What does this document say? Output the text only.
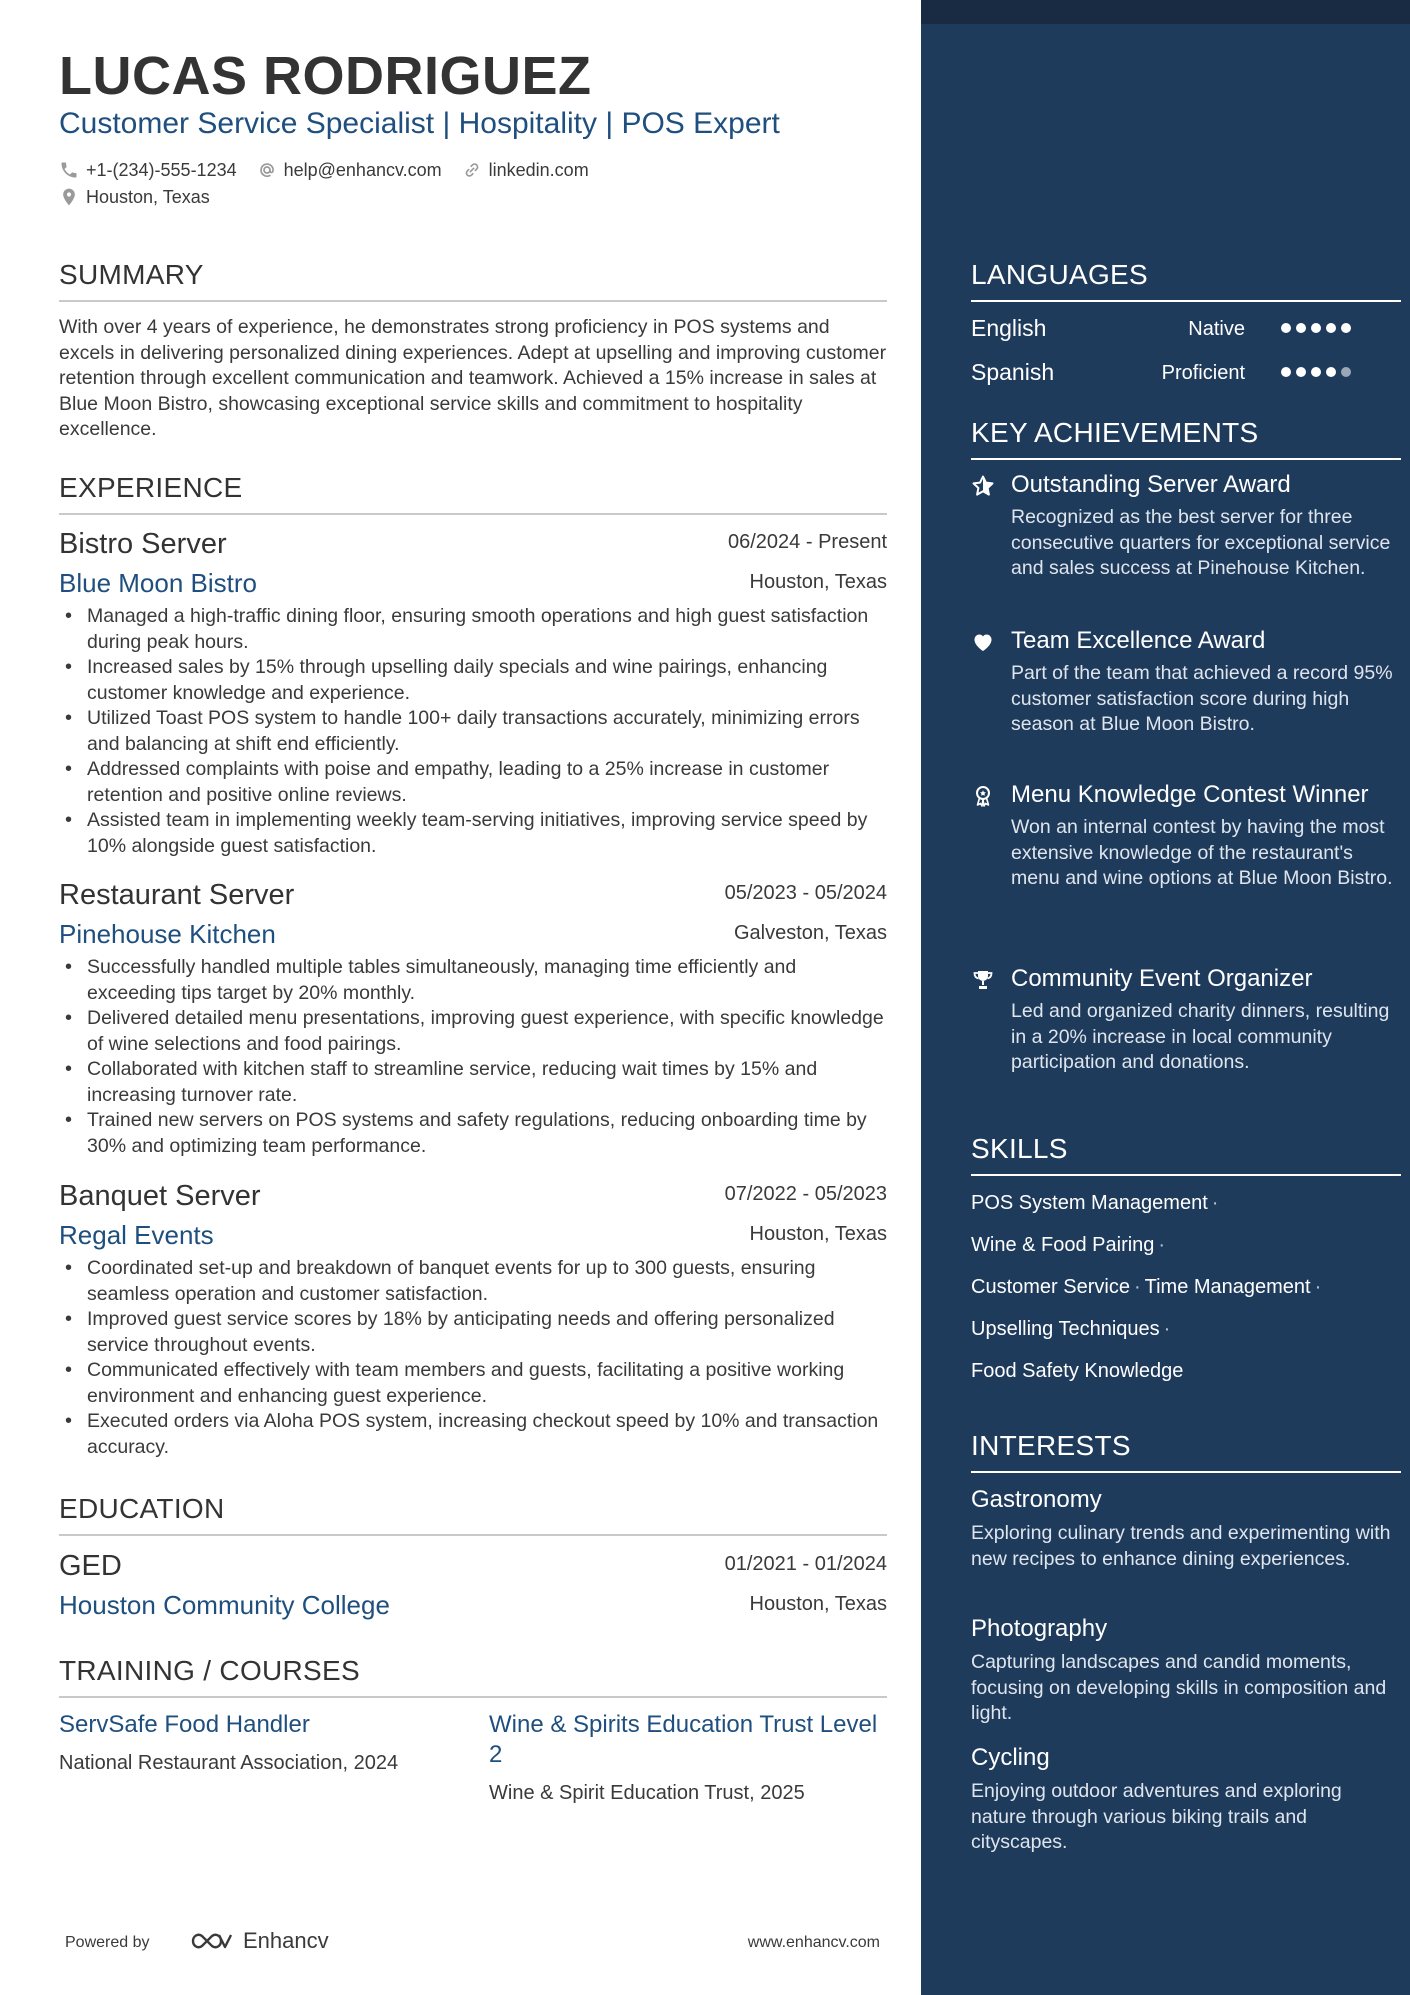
LUCAS RODRIGUEZ
Customer Service Specialist | Hospitality | POS Expert
+1-(234)-555-1234	help@enhancv.com	linkedin.com
Houston, Texas
SUMMARY
With over 4 years of experience, he demonstrates strong proficiency in POS systems and excels in delivering personalized dining experiences. Adept at upselling and improving customer retention through excellent communication and teamwork. Achieved a 15% increase in sales at Blue Moon Bistro, showcasing exceptional service skills and commitment to hospitality excellence.
EXPERIENCE
Bistro Server	06/2024 - Present
Blue Moon Bistro	Houston, Texas
• Managed a high-traffic dining floor, ensuring smooth operations and high guest satisfaction during peak hours.
• Increased sales by 15% through upselling daily specials and wine pairings, enhancing customer knowledge and experience.
• Utilized Toast POS system to handle 100+ daily transactions accurately, minimizing errors and balancing at shift end efficiently.
• Addressed complaints with poise and empathy, leading to a 25% increase in customer retention and positive online reviews.
• Assisted team in implementing weekly team-serving initiatives, improving service speed by 10% alongside guest satisfaction.
Restaurant Server	05/2023 - 05/2024
Pinehouse Kitchen	Galveston, Texas
• Successfully handled multiple tables simultaneously, managing time efficiently and exceeding tips target by 20% monthly.
• Delivered detailed menu presentations, improving guest experience, with specific knowledge of wine selections and food pairings.
• Collaborated with kitchen staff to streamline service, reducing wait times by 15% and increasing turnover rate.
• Trained new servers on POS systems and safety regulations, reducing onboarding time by 30% and optimizing team performance.
Banquet Server	07/2022 - 05/2023
Regal Events	Houston, Texas
• Coordinated set-up and breakdown of banquet events for up to 300 guests, ensuring seamless operation and customer satisfaction.
• Improved guest service scores by 18% by anticipating needs and offering personalized service throughout events.
• Communicated effectively with team members and guests, facilitating a positive working environment and enhancing guest experience.
• Executed orders via Aloha POS system, increasing checkout speed by 10% and transaction accuracy.
EDUCATION
GED	01/2021 - 01/2024
Houston Community College	Houston, Texas
TRAINING / COURSES
ServSafe Food Handler
National Restaurant Association, 2024
Wine & Spirits Education Trust Level 2
Wine & Spirit Education Trust, 2025
Powered by	Enhancv	www.enhancv.com
LANGUAGES
English	Native
Spanish	Proficient
KEY ACHIEVEMENTS
Outstanding Server Award
Recognized as the best server for three consecutive quarters for exceptional service and sales success at Pinehouse Kitchen.
Team Excellence Award
Part of the team that achieved a record 95% customer satisfaction score during high season at Blue Moon Bistro.
Menu Knowledge Contest Winner
Won an internal contest by having the most extensive knowledge of the restaurant's menu and wine options at Blue Moon Bistro.
Community Event Organizer
Led and organized charity dinners, resulting in a 20% increase in local community participation and donations.
SKILLS
POS System Management ·
Wine & Food Pairing ·
Customer Service · Time Management ·
Upselling Techniques ·
Food Safety Knowledge
INTERESTS
Gastronomy
Exploring culinary trends and experimenting with new recipes to enhance dining experiences.
Photography
Capturing landscapes and candid moments, focusing on developing skills in composition and light.
Cycling
Enjoying outdoor adventures and exploring nature through various biking trails and cityscapes.
